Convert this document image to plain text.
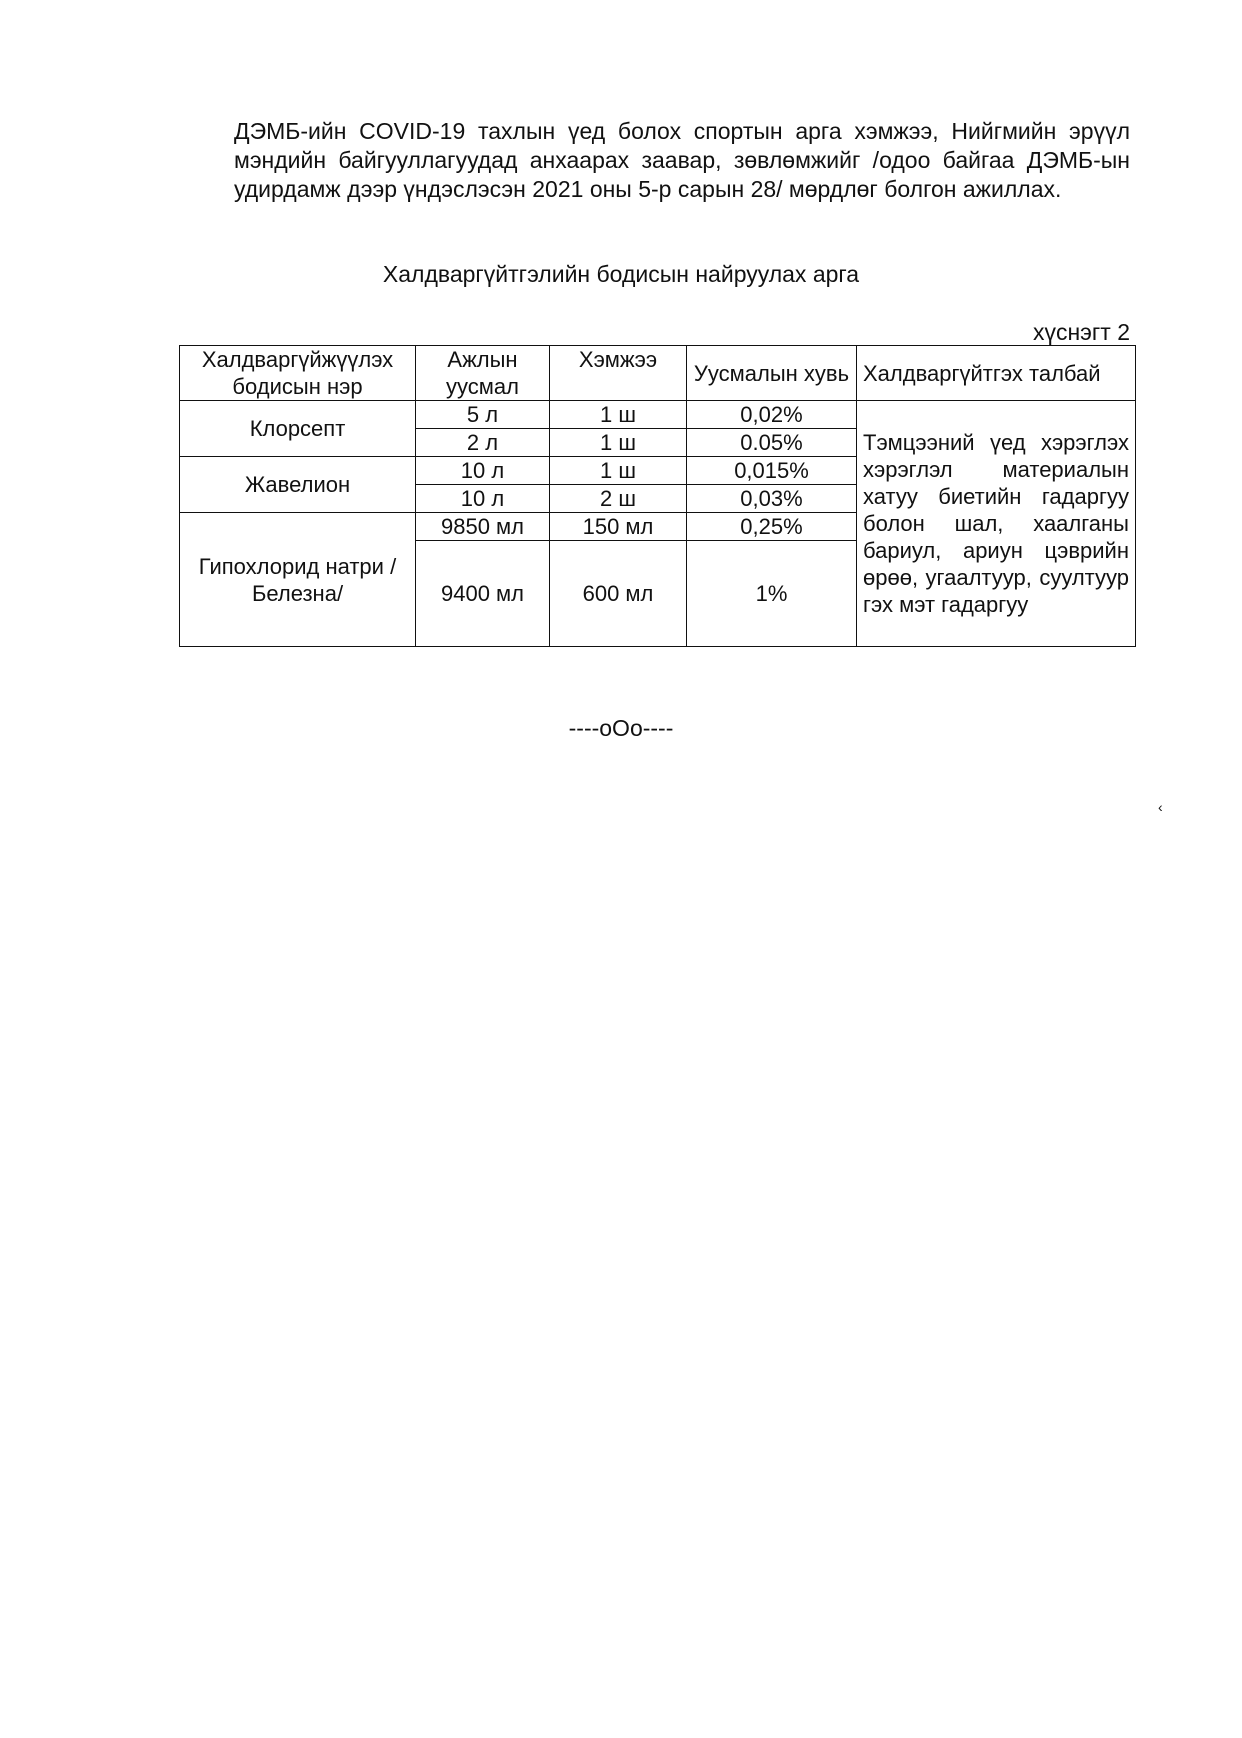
ДЭМБ-ийн COVID-19 тахлын үед болох спортын арга хэмжээ, Нийгмийн эрүүл мэндийн байгууллагуудад анхаарах заавар, зөвлөмжийг /одоо байгаа ДЭМБ-ын удирдамж дээр үндэслэсэн 2021 оны 5-р сарын 28/ мөрдлөг болгон ажиллах.

Халдваргүйтгэлийн бодисын найруулах арга

хүснэгт 2

Халдваргүйжүүлэх бодисын нэр	Ажлын уусмал	Хэмжээ	Уусмалын хувь	Халдваргүйтгэх талбай
Клорсепт	5 л	1 ш	0,02%	Тэмцээний үед хэрэглэх хэрэглэл материалын хатуу биетийн гадаргуу болон шал, хаалганы бариул, ариун цэврийн өрөө, угаалтуур, суултуур гэх мэт гадаргуу
	2 л	1 ш	0.05%	
Жавелион	10 л	1 ш	0,015%	
	10 л	2 ш	0,03%	
Гипохлорид натри /Белезна/	9850 мл	150 мл	0,25%	
	9400 мл	600 мл	1%	

----oOo----

‹
